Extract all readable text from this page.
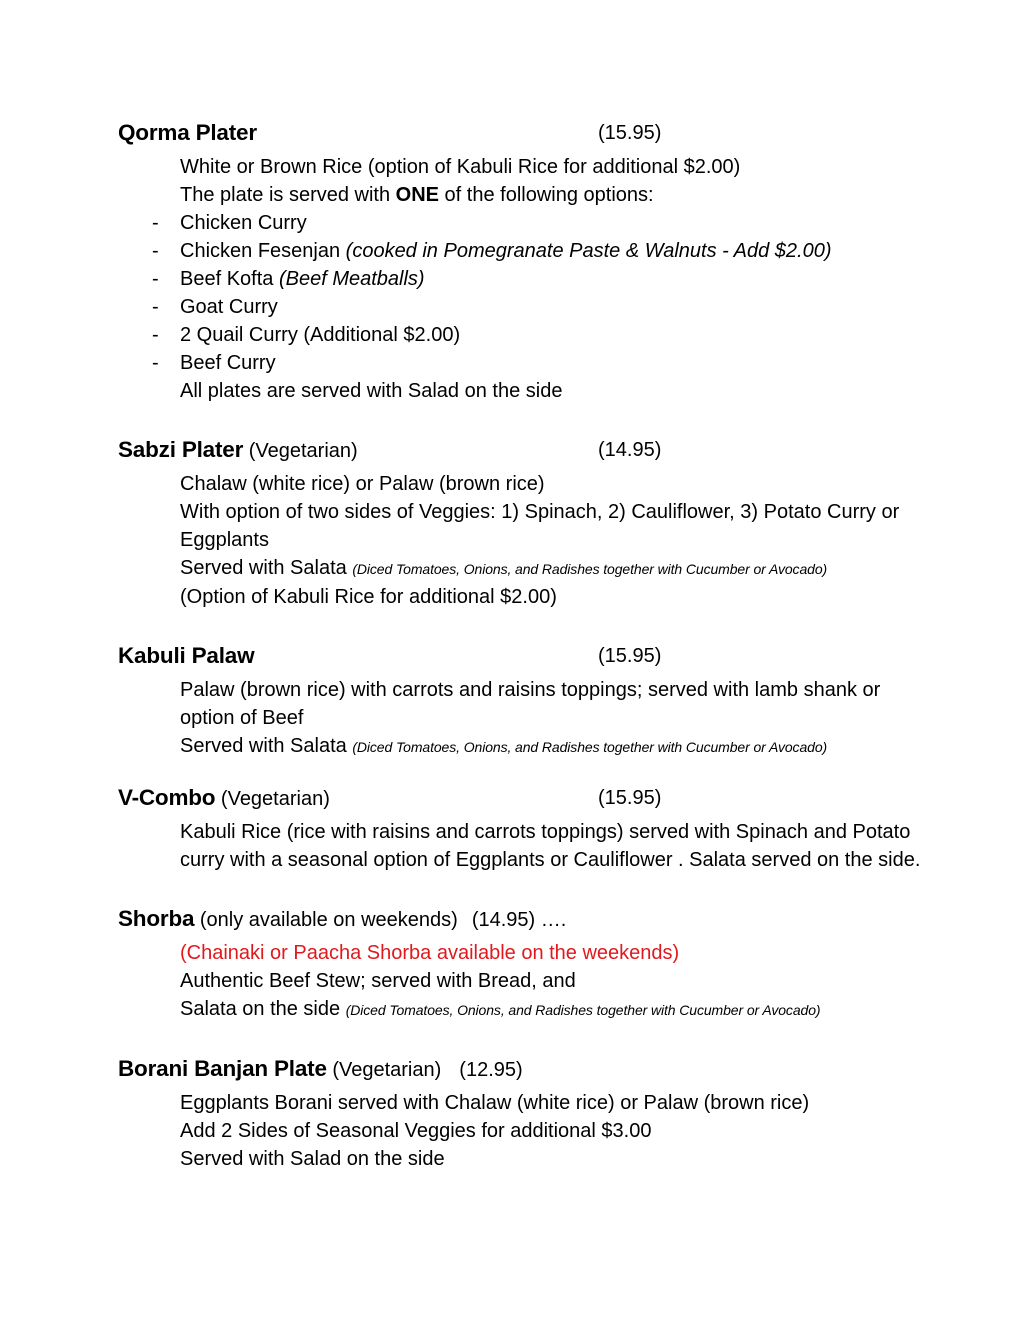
Qorma Plater	(15.95)
White or Brown Rice (option of Kabuli Rice for additional $2.00)
The plate is served with ONE of the following options:
- Chicken Curry
- Chicken Fesenjan (cooked in Pomegranate Paste & Walnuts - Add $2.00)
- Beef Kofta (Beef Meatballs)
- Goat Curry
- 2 Quail Curry (Additional $2.00)
- Beef Curry
All plates are served with Salad on the side
Sabzi Plater (Vegetarian)	(14.95)
Chalaw (white rice) or Palaw (brown rice)
With option of two sides of Veggies: 1) Spinach, 2) Cauliflower, 3) Potato Curry or Eggplants
Served with Salata (Diced Tomatoes, Onions, and Radishes together with Cucumber or Avocado)
(Option of Kabuli Rice for additional $2.00)
Kabuli Palaw	(15.95)
Palaw (brown rice) with carrots and raisins toppings; served with lamb shank or option of Beef
Served with Salata (Diced Tomatoes, Onions, and Radishes together with Cucumber or Avocado)
V-Combo (Vegetarian)	(15.95)
Kabuli Rice (rice with raisins and carrots toppings) served with Spinach and Potato curry with a seasonal option of Eggplants or Cauliflower . Salata served on the side.
Shorba (only available on weekends) (14.95) ….
(Chainaki or Paacha Shorba available on the weekends)
Authentic Beef Stew; served with Bread, and
Salata on the side (Diced Tomatoes, Onions, and Radishes together with Cucumber or Avocado)
Borani Banjan Plate (Vegetarian) (12.95)
Eggplants Borani served with Chalaw (white rice) or Palaw (brown rice)
Add 2 Sides of Seasonal Veggies for additional $3.00
Served with Salad on the side
